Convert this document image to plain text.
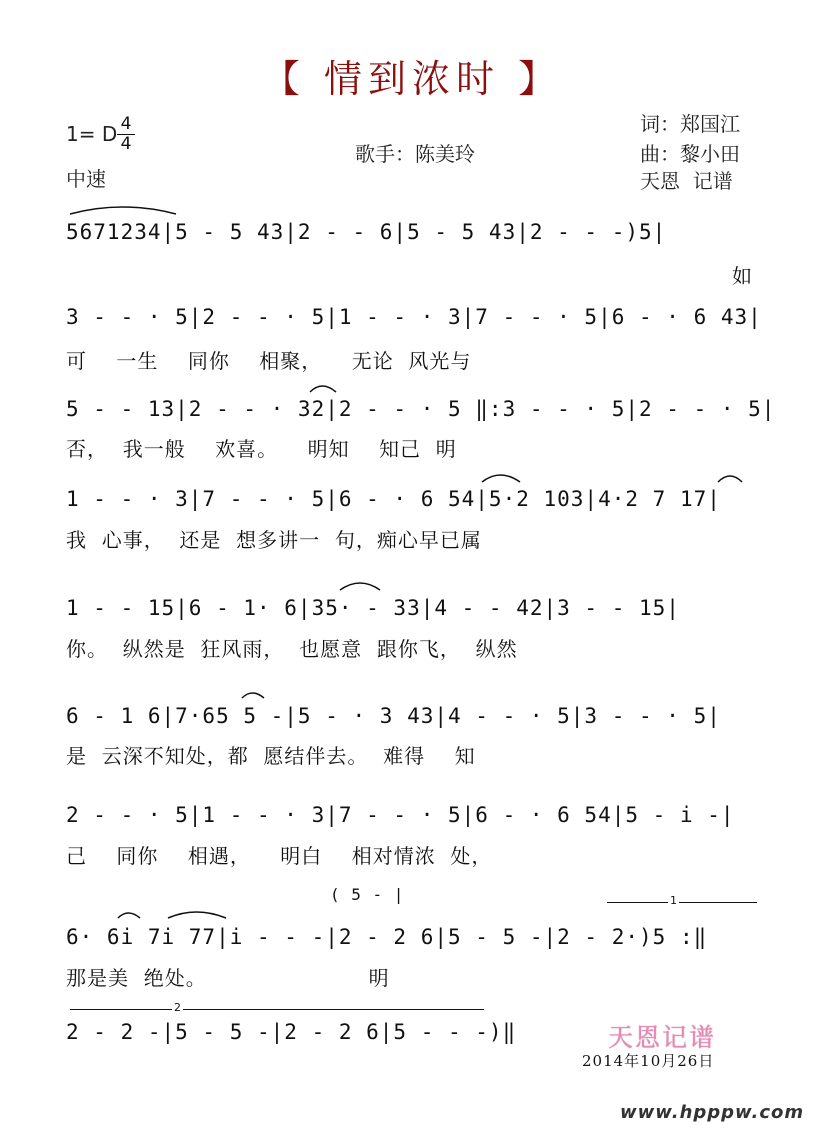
【 情到浓时 】
1= D 4
4
中速
歌手：陈美玲
词：郑国江
曲：黎小田
天恩  记谱
5671234|5 - 5 43|2 - - 6|5 - 5 43|2 - - -)5|
如
3 - - · 5|2 - - · 5|1 - - · 3|7 - - · 5|6 - · 6 43|
可    一生    同你    相聚，    无论  风光与
5 - - 13|2 - - · 32|2 - - · 5 ‖:3 - - · 5|2 - - · 5|
否，  我一般    欢喜。    明知    知己  明
1 - - · 3|7 - - · 5|6 - · 6 54|5·2 103|4·2 7 17|
我  心事，  还是  想多讲一  句，痴心早已属
1 - - 15|6 - 1· 6|35· - 33|4 - - 42|3 - - 15|
你。  纵然是  狂风雨，  也愿意  跟你飞，  纵然
6 - 1 6|7·65 5 -|5 - · 3 43|4 - - · 5|3 - - · 5|
是  云深不知处，都  愿结伴去。  难得    知
2 - - · 5|1 - - · 3|7 - - · 5|6 - · 6 54|5 - i -|
己    同你    相遇，    明白    相对情浓  处，
( 5 - |	1
6· 6i 7i 77|i - - -|2 - 2 6|5 - 5 -|2 - 2·)5 :‖
那是美  绝处。                      明
2
2 - 2 -|5 - 5 -|2 - 2 6|5 - - -)‖	天恩记谱
2014年10月26日
www.hpppw.com
